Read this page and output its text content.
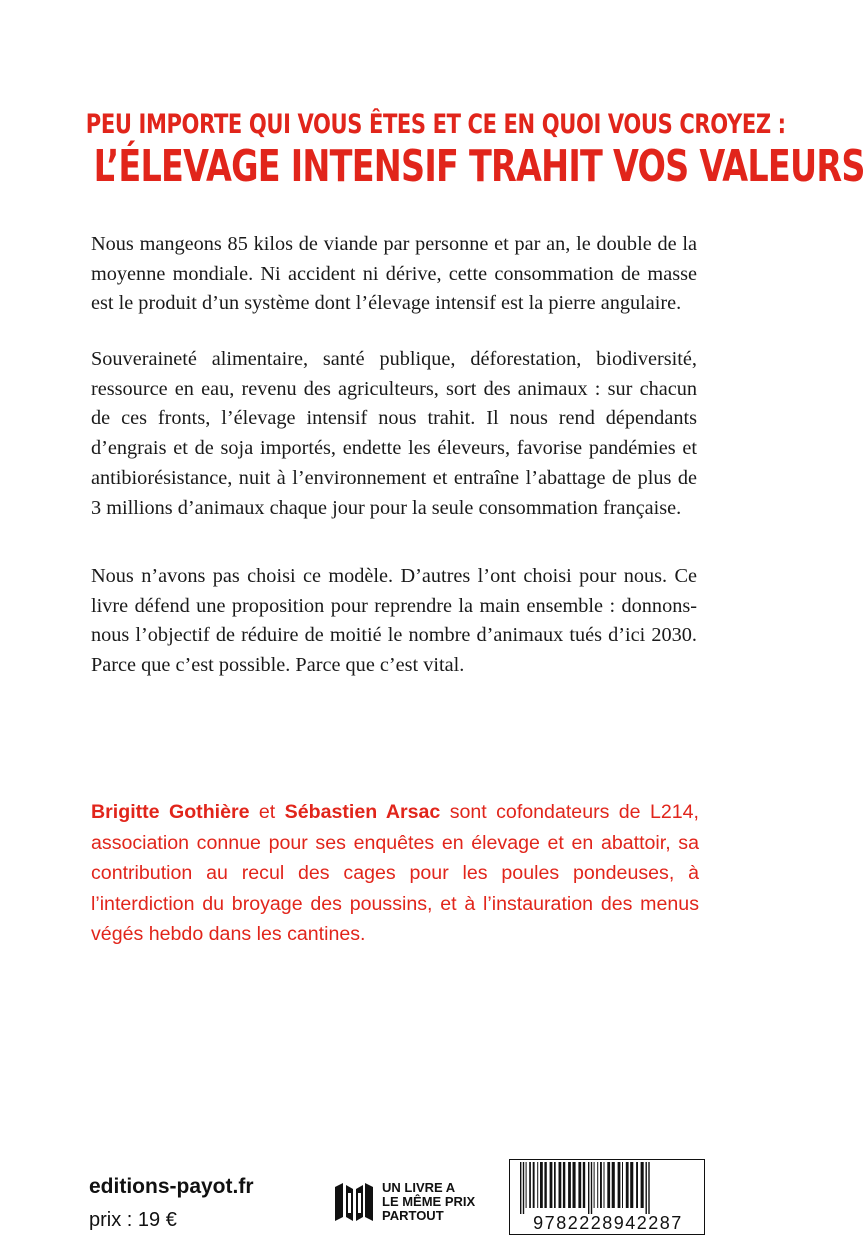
PEU IMPORTE QUI VOUS ÊTES ET CE EN QUOI VOUS CROYEZ :
L’ÉLEVAGE INTENSIF TRAHIT VOS VALEURS
Nous mangeons 85 kilos de viande par personne et par an, le double de la moyenne mondiale. Ni accident ni dérive, cette consommation de masse est le produit d’un système dont l’élevage intensif est la pierre angulaire.
Souveraineté alimentaire, santé publique, déforestation, biodiversité, ressource en eau, revenu des agriculteurs, sort des animaux : sur chacun de ces fronts, l’élevage intensif nous trahit. Il nous rend dépendants d’engrais et de soja importés, endette les éleveurs, favorise pandémies et antibiorésistance, nuit à l’environnement et entraîne l’abattage de plus de 3 millions d’animaux chaque jour pour la seule consommation française.
Nous n’avons pas choisi ce modèle. D’autres l’ont choisi pour nous. Ce livre défend une proposition pour reprendre la main ensemble : donnons-nous l’objectif de réduire de moitié le nombre d’animaux tués d’ici 2030. Parce que c’est possible. Parce que c’est vital.
Brigitte Gothière et Sébastien Arsac sont cofondateurs de L214, association connue pour ses enquêtes en élevage et en abattoir, sa contribution au recul des cages pour les poules pondeuses, à l’interdiction du broyage des poussins, et à l’instauration des menus végés hebdo dans les cantines.
editions-payot.fr
prix : 19 €
UN LIVRE A
LE MÊME PRIX
PARTOUT	9782228942287
